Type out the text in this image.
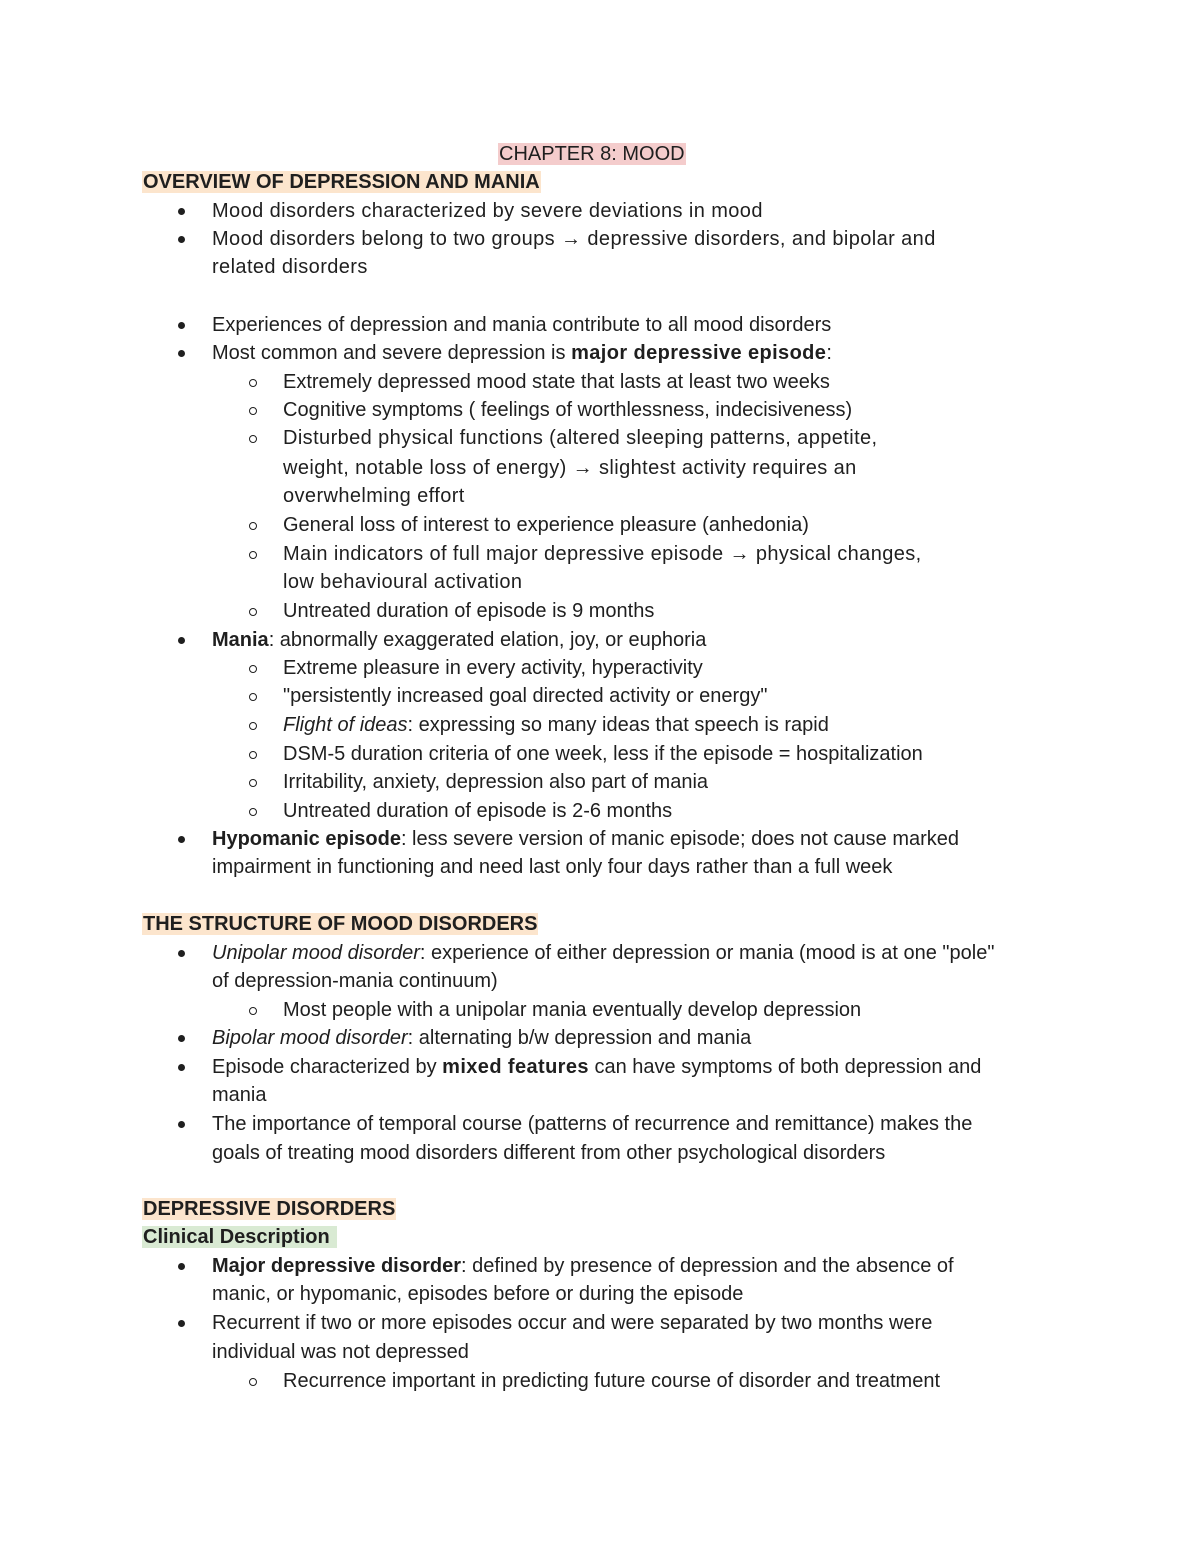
CHAPTER 8: MOOD
OVERVIEW OF DEPRESSION AND MANIA
Mood disorders characterized by severe deviations in mood
Mood disorders belong to two groups → depressive disorders, and bipolar and
related disorders
Experiences of depression and mania contribute to all mood disorders
Most common and severe depression is major depressive episode:
Extremely depressed mood state that lasts at least two weeks
Cognitive symptoms ( feelings of worthlessness, indecisiveness)
Disturbed physical functions (altered sleeping patterns, appetite,
weight, notable loss of energy) → slightest activity requires an
overwhelming effort
General loss of interest to experience pleasure (anhedonia)
Main indicators of full major depressive episode → physical changes,
low behavioural activation
Untreated duration of episode is 9 months
Mania: abnormally exaggerated elation, joy, or euphoria
Extreme pleasure in every activity, hyperactivity
"persistently increased goal directed activity or energy"
Flight of ideas: expressing so many ideas that speech is rapid
DSM-5 duration criteria of one week, less if the episode = hospitalization
Irritability, anxiety, depression also part of mania
Untreated duration of episode is 2-6 months
Hypomanic episode: less severe version of manic episode; does not cause marked
impairment in functioning and need last only four days rather than a full week
THE STRUCTURE OF MOOD DISORDERS
Unipolar mood disorder: experience of either depression or mania (mood is at one "pole"
of depression-mania continuum)
Most people with a unipolar mania eventually develop depression
Bipolar mood disorder: alternating b/w depression and mania
Episode characterized by mixed features can have symptoms of both depression and
mania
The importance of temporal course (patterns of recurrence and remittance) makes the
goals of treating mood disorders different from other psychological disorders
DEPRESSIVE DISORDERS
Clinical Description
Major depressive disorder: defined by presence of depression and the absence of
manic, or hypomanic, episodes before or during the episode
Recurrent if two or more episodes occur and were separated by two months were
individual was not depressed
Recurrence important in predicting future course of disorder and treatment
